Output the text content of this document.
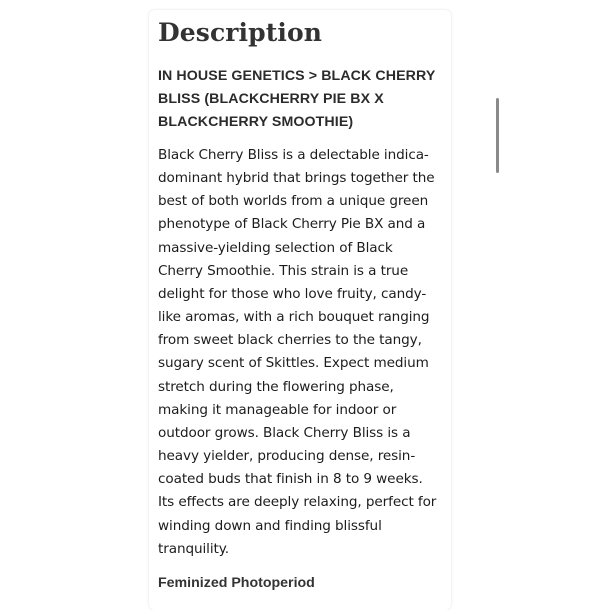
Description
IN HOUSE GENETICS > BLACK CHERRY BLISS (BLACKCHERRY PIE BX X BLACKCHERRY SMOOTHIE)
Black Cherry Bliss is a delectable indica-
dominant hybrid that brings together the
best of both worlds from a unique green
phenotype of Black Cherry Pie BX and a
massive-yielding selection of Black
Cherry Smoothie. This strain is a true
delight for those who love fruity, candy-
like aromas, with a rich bouquet ranging
from sweet black cherries to the tangy,
sugary scent of Skittles. Expect medium
stretch during the flowering phase,
making it manageable for indoor or
outdoor grows. Black Cherry Bliss is a
heavy yielder, producing dense, resin-
coated buds that finish in 8 to 9 weeks.
Its effects are deeply relaxing, perfect for
winding down and finding blissful
tranquility.
Feminized Photoperiod
